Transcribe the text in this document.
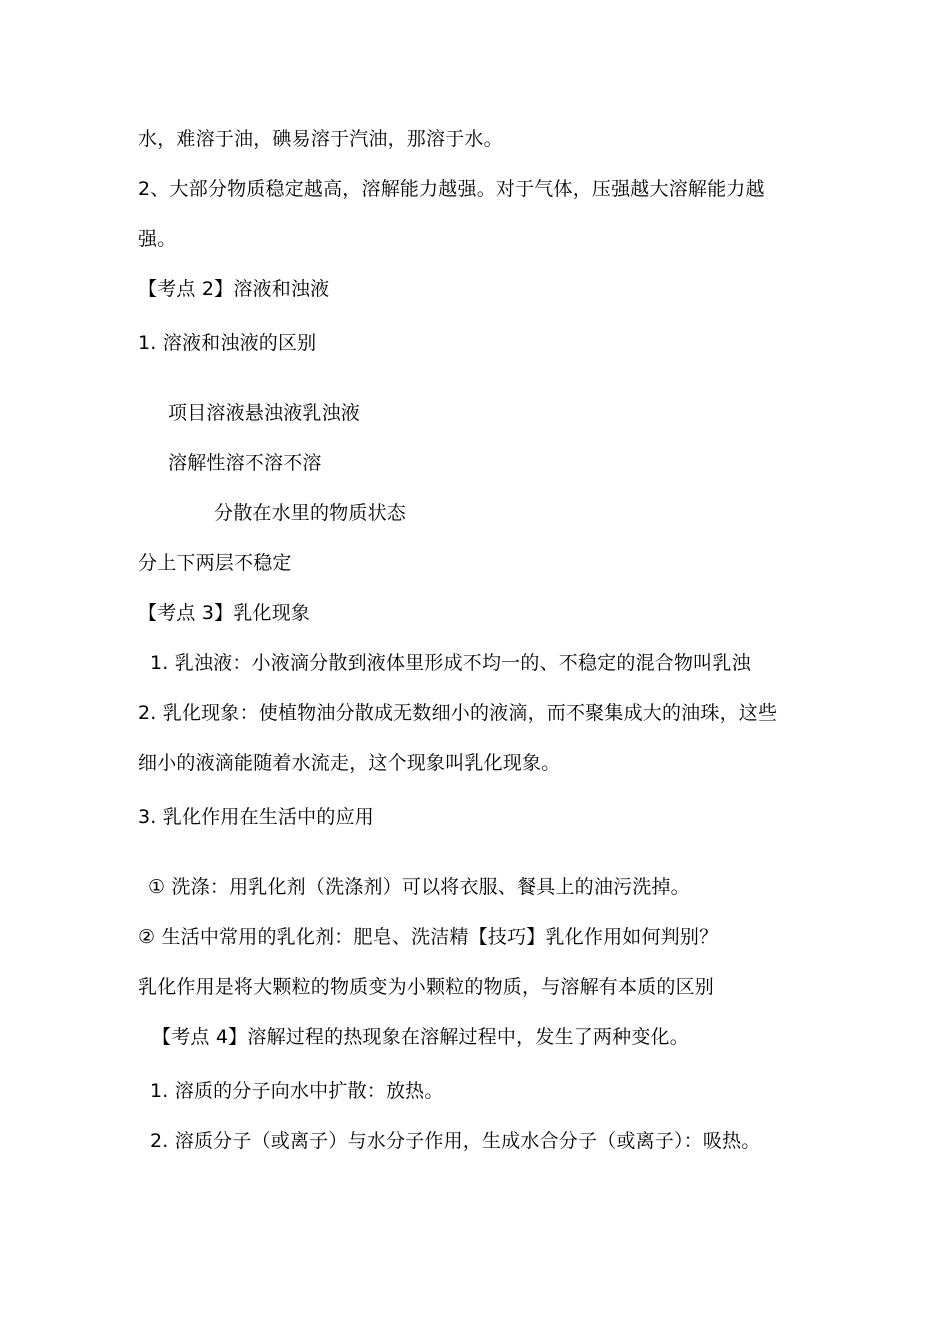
水，难溶于油，碘易溶于汽油，那溶于水。
2、大部分物质稳定越高，溶解能力越强。对于气体，压强越大溶解能力越
强。
【考点 2】溶液和浊液
1. 溶液和浊液的区别
项目溶液悬浊液乳浊液
溶解性溶不溶不溶
分散在水里的物质状态
分上下两层不稳定
【考点 3】乳化现象
1. 乳浊液：小液滴分散到液体里形成不均一的、不稳定的混合物叫乳浊
2. 乳化现象：使植物油分散成无数细小的液滴，而不聚集成大的油珠，这些
细小的液滴能随着水流走，这个现象叫乳化现象。
3. 乳化作用在生活中的应用
① 洗涤：用乳化剂（洗涤剂）可以将衣服、餐具上的油污洗掉。
② 生活中常用的乳化剂：肥皂、洗洁精【技巧】乳化作用如何判别？
乳化作用是将大颗粒的物质变为小颗粒的物质，与溶解有本质的区别
【考点 4】溶解过程的热现象在溶解过程中，发生了两种变化。
1. 溶质的分子向水中扩散：放热。
2. 溶质分子（或离子）与水分子作用，生成水合分子（或离子）：吸热。
